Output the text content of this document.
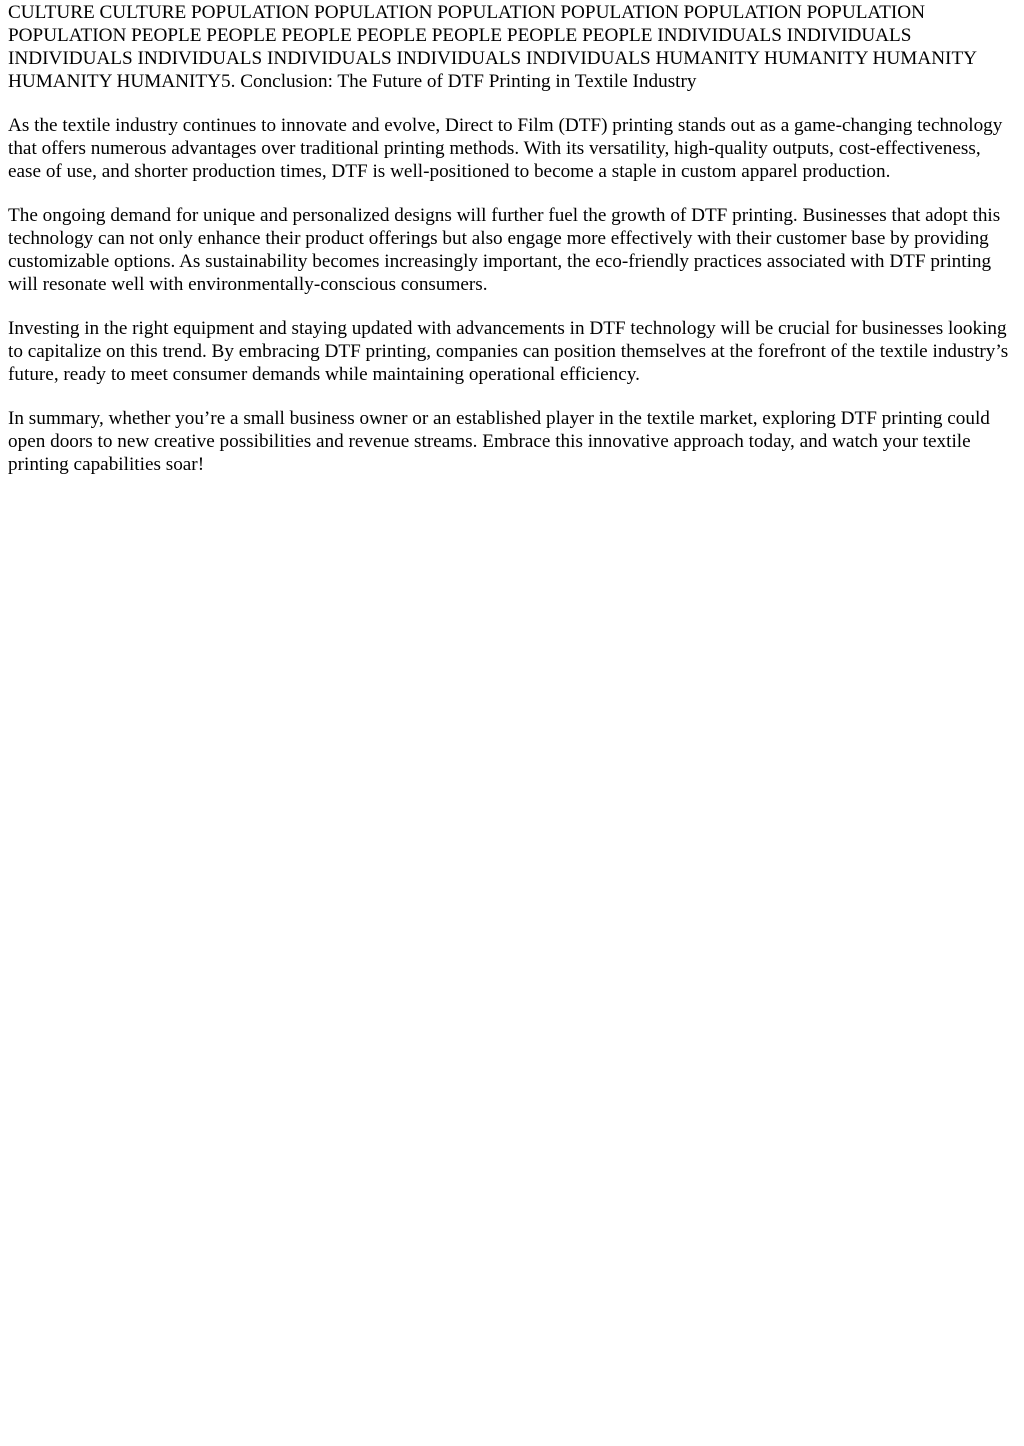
CULTURE CULTURE POPULATION POPULATION POPULATION POPULATION POPULATION POPULATION POPULATION PEOPLE PEOPLE PEOPLE PEOPLE PEOPLE PEOPLE PEOPLE INDIVIDUALS INDIVIDUALS INDIVIDUALS INDIVIDUALS INDIVIDUALS INDIVIDUALS INDIVIDUALS HUMANITY HUMANITY HUMANITY HUMANITY HUMANITY5. Conclusion: The Future of DTF Printing in Textile Industry

As the textile industry continues to innovate and evolve, Direct to Film (DTF) printing stands out as a game-changing technology that offers numerous advantages over traditional printing methods. With its versatility, high-quality outputs, cost-effectiveness, ease of use, and shorter production times, DTF is well-positioned to become a staple in custom apparel production.

The ongoing demand for unique and personalized designs will further fuel the growth of DTF printing. Businesses that adopt this technology can not only enhance their product offerings but also engage more effectively with their customer base by providing customizable options. As sustainability becomes increasingly important, the eco-friendly practices associated with DTF printing will resonate well with environmentally-conscious consumers.

Investing in the right equipment and staying updated with advancements in DTF technology will be crucial for businesses looking to capitalize on this trend. By embracing DTF printing, companies can position themselves at the forefront of the textile industry’s future, ready to meet consumer demands while maintaining operational efficiency.

In summary, whether you’re a small business owner or an established player in the textile market, exploring DTF printing could open doors to new creative possibilities and revenue streams. Embrace this innovative approach today, and watch your textile printing capabilities soar!
